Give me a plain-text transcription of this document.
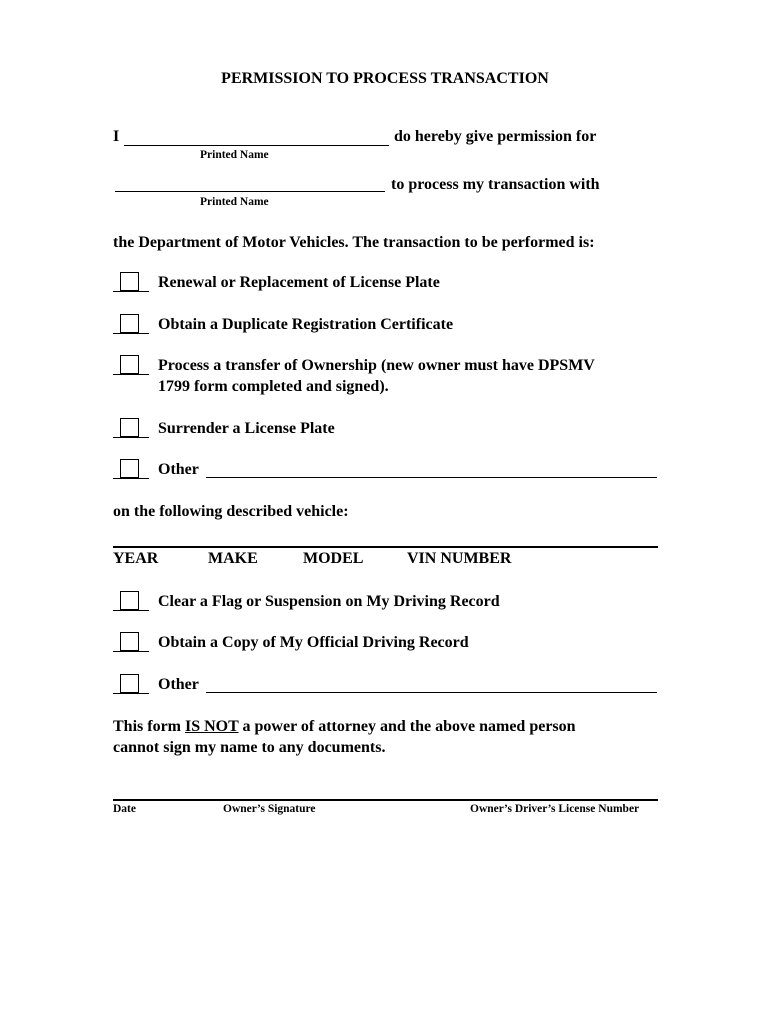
PERMISSION TO PROCESS TRANSACTION
I	do hereby give permission for
Printed Name
to process my transaction with
Printed Name
the Department of Motor Vehicles. The transaction to be performed is:
Renewal or Replacement of License Plate
Obtain a Duplicate Registration Certificate
Process a transfer of Ownership (new owner must have DPSMV
1799 form completed and signed).
Surrender a License Plate
Other
on the following described vehicle:
YEAR	MAKE	MODEL	VIN NUMBER
Clear a Flag or Suspension on My Driving Record
Obtain a Copy of My Official Driving Record
Other
This form IS NOT a power of attorney and the above named person
cannot sign my name to any documents.
Date	Owner’s Signature	Owner’s Driver’s License Number
